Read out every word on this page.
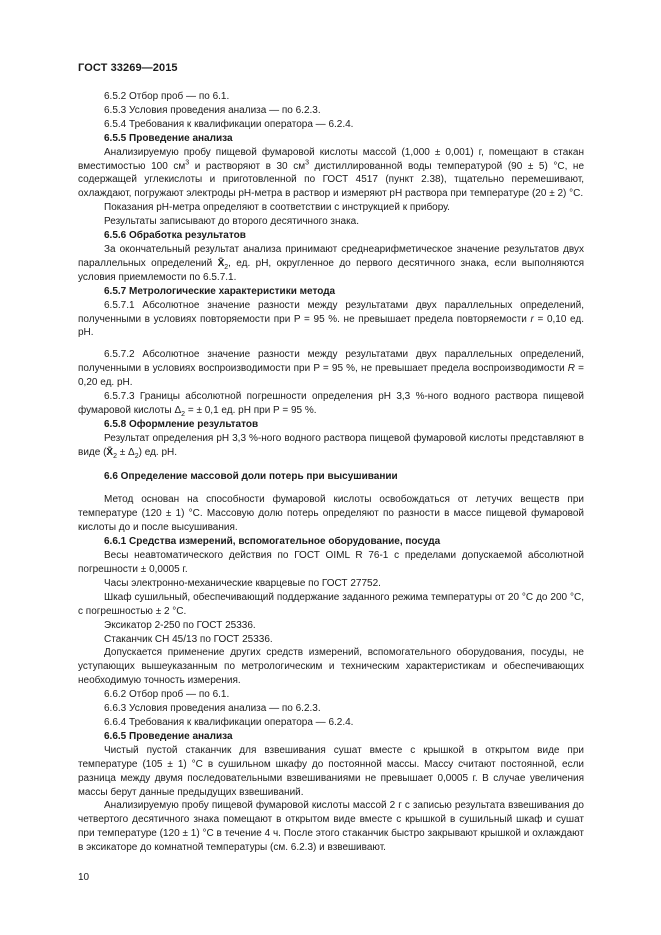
ГОСТ 33269—2015

6.5.2 Отбор проб — по 6.1.

6.5.3 Условия проведения анализа — по 6.2.3.

6.5.4 Требования к квалификации оператора — 6.2.4.

6.5.5 Проведение анализа

Анализируемую пробу пищевой фумаровой кислоты массой (1,000 ± 0,001) г, помещают в стакан вместимостью 100 $см^3$ и растворяют в 30 $см^3$ дистиллированной воды температурой (90 ± 5) °C, не содержащей углекислоты и приготовленной по ГОСТ 4517 (пункт 2.38), тщательно перемешивают, охлаждают, погружают электроды pH-метра в раствор и измеряют pH раствора при температуре (20 ± 2) °C.

Показания pH-метра определяют в соответствии с инструкцией к прибору.

Результаты записывают до второго десятичного знака.

6.5.6 Обработка результатов

За окончательный результат анализа принимают среднеарифметическое значение результатов двух параллельных определений $X̄_2$, ед. pH, округленное до первого десятичного знака, если выполняются условия приемлемости по 6.5.7.1.

6.5.7 Метрологические характеристики метода

6.5.7.1 Абсолютное значение разности между результатами двух параллельных определений, полученными в условиях повторяемости при P = 95 %. не превышает предела повторяемости r = 0,10 ед. pH.

6.5.7.2 Абсолютное значение разности между результатами двух параллельных определений, полученными в условиях воспроизводимости при P = 95 %, не превышает предела воспроизводимости R = 0,20 ед. pH.

6.5.7.3 Границы абсолютной погрешности определения pH 3,3 %-ного водного раствора пищевой фумаровой кислоты $\Delta_2$ = ± 0,1 ед. pH при P = 95 %.

6.5.8 Оформление результатов

Результат определения pH 3,3 %-ного водного раствора пищевой фумаровой кислоты представляют в виде $(X̄_2 \pm \Delta_2)$ ед. pH.

6.6 Определение массовой доли потерь при высушивании

Метод основан на способности фумаровой кислоты освобождаться от летучих веществ при температуре (120 ± 1) °C. Массовую долю потерь определяют по разности в массе пищевой фумаровой кислоты до и после высушивания.

6.6.1 Средства измерений, вспомогательное оборудование, посуда

Весы неавтоматического действия по ГОСТ OIML R 76-1 с пределами допускаемой абсолютной погрешности ± 0,0005 г.

Часы электронно-механические кварцевые по ГОСТ 27752.

Шкаф сушильный, обеспечивающий поддержание заданного режима температуры от 20 °C до 200 °C, с погрешностью ± 2 °C.

Эксикатор 2-250 по ГОСТ 25336.

Стаканчик СН 45/13 по ГОСТ 25336.

Допускается применение других средств измерений, вспомогательного оборудования, посуды, не уступающих вышеуказанным по метрологическим и техническим характеристикам и обеспечивающих необходимую точность измерения.

6.6.2 Отбор проб — по 6.1.

6.6.3 Условия проведения анализа — по 6.2.3.

6.6.4 Требования к квалификации оператора — 6.2.4.

6.6.5 Проведение анализа

Чистый пустой стаканчик для взвешивания сушат вместе с крышкой в открытом виде при температуре (105 ± 1) °C в сушильном шкафу до постоянной массы. Массу считают постоянной, если разница между двумя последовательными взвешиваниями не превышает 0,0005 г. В случае увеличения массы берут данные предыдущих взвешиваний.

Анализируемую пробу пищевой фумаровой кислоты массой 2 г с записью результата взвешивания до четвертого десятичного знака помещают в открытом виде вместе с крышкой в сушильный шкаф и сушат при температуре (120 ± 1) °C в течение 4 ч. После этого стаканчик быстро закрывают крышкой и охлаждают в эксикаторе до комнатной температуры (см. 6.2.3) и взвешивают.

10
